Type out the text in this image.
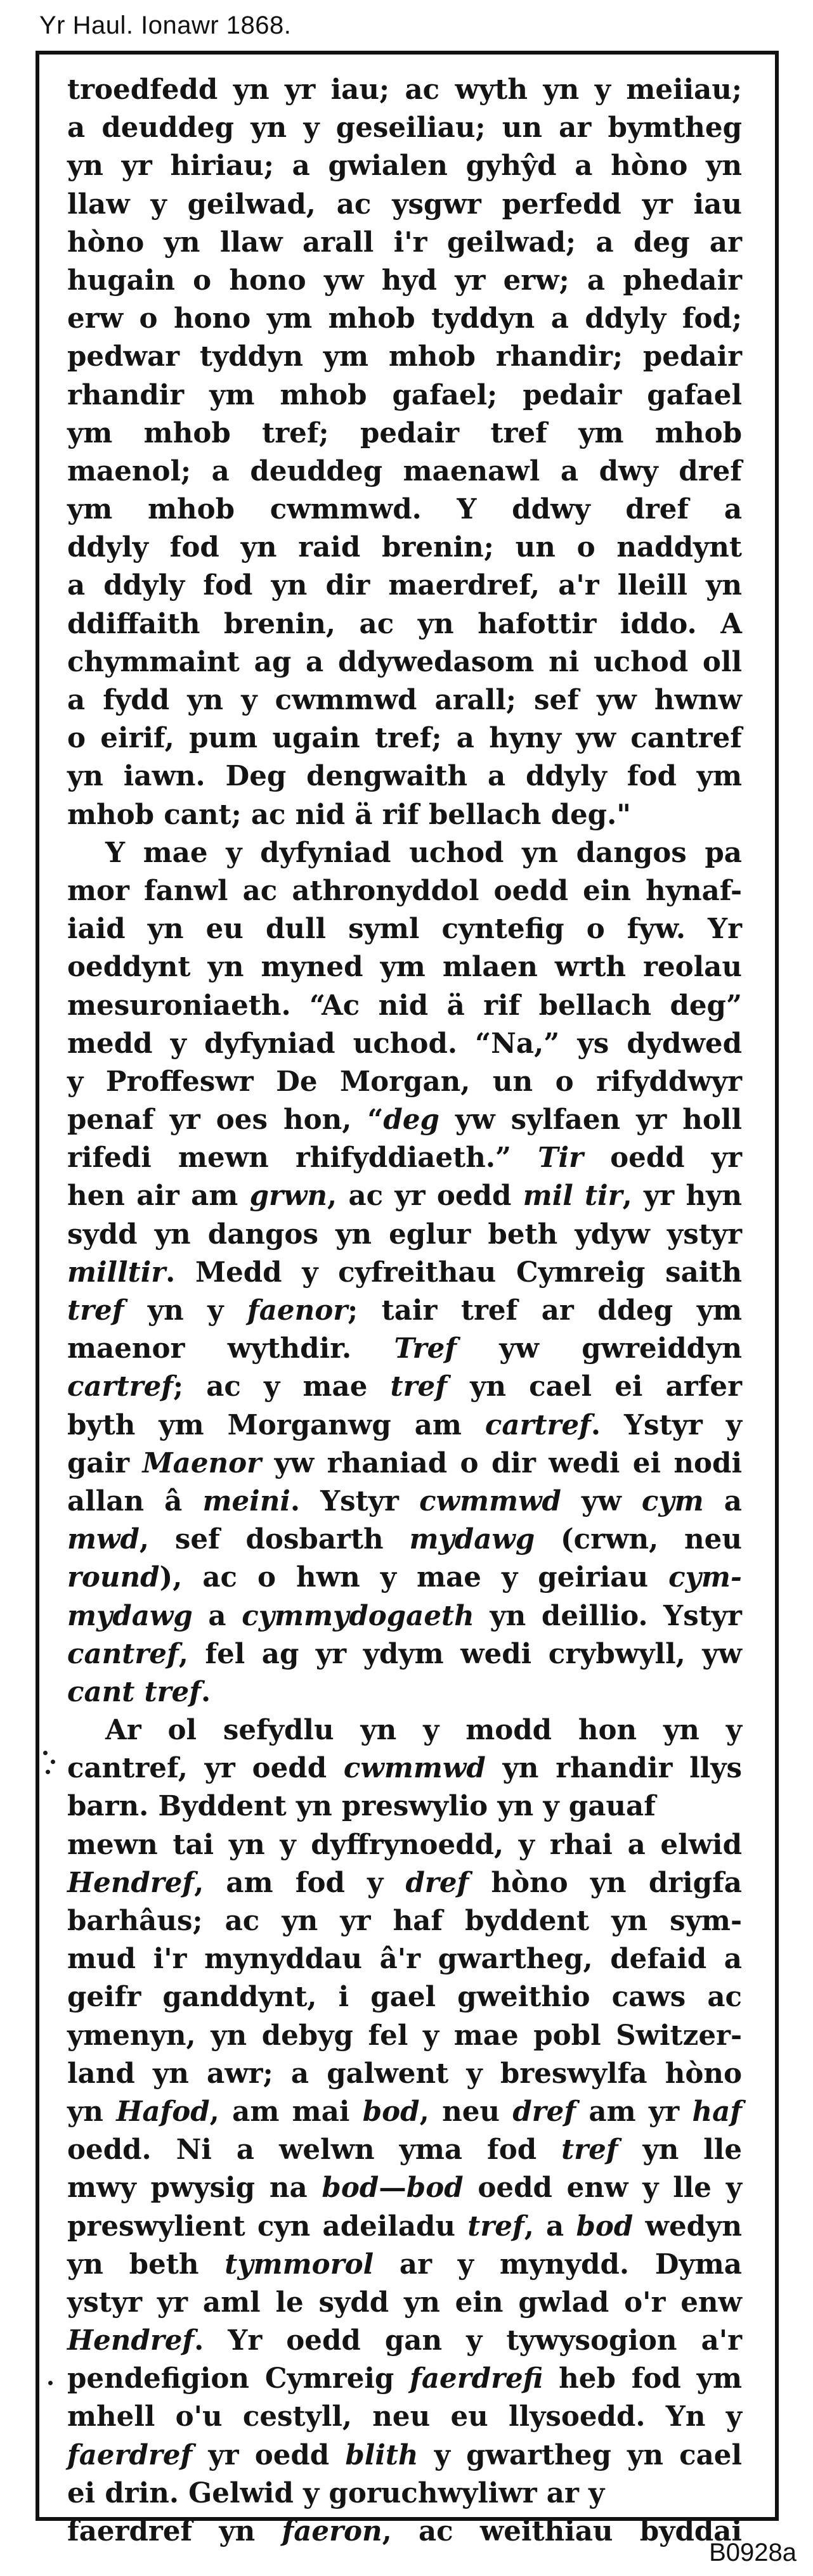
Yr Haul. Ionawr 1868.
troedfedd yn yr iau; ac wyth yn y meiiau;
a deuddeg yn y geseiliau; un ar bymtheg
yn yr hiriau; a gwialen gyhŷd a hòno yn
llaw y geilwad, ac ysgwr perfedd yr iau
hòno yn llaw arall i'r geilwad; a deg ar
hugain o hono yw hyd yr erw; a phedair
erw o hono ym mhob tyddyn a ddyly fod;
pedwar tyddyn ym mhob rhandir; pedair
rhandir ym mhob gafael; pedair gafael
ym mhob tref; pedair tref ym mhob
maenol; a deuddeg maenawl a dwy dref
ym mhob cwmmwd. Y ddwy dref a
ddyly fod yn raid brenin; un o naddynt
a ddyly fod yn dir maerdref, a'r lleill yn
ddiffaith brenin, ac yn hafottir iddo. A
chymmaint ag a ddywedasom ni uchod oll
a fydd yn y cwmmwd arall; sef yw hwnw
o eirif, pum ugain tref; a hyny yw cantref
yn iawn. Deg dengwaith a ddyly fod ym
mhob cant; ac nid ä rif bellach deg."
Y mae y dyfyniad uchod yn dangos pa
mor fanwl ac athronyddol oedd ein hynaf-
iaid yn eu dull syml cyntefig o fyw. Yr
oeddynt yn myned ym mlaen wrth reolau
mesuroniaeth. “Ac nid ä rif bellach deg”
medd y dyfyniad uchod. “Na,” ys dydwed
y Proffeswr De Morgan, un o rifyddwyr
penaf yr oes hon, “deg yw sylfaen yr holl
rifedi mewn rhifyddiaeth.” Tir oedd yr
hen air am grwn, ac yr oedd mil tir, yr hyn
sydd yn dangos yn eglur beth ydyw ystyr
milltir. Medd y cyfreithau Cymreig saith
tref yn y faenor; tair tref ar ddeg ym
maenor wythdir. Tref yw gwreiddyn
cartref; ac y mae tref yn cael ei arfer
byth ym Morganwg am cartref. Ystyr y
gair Maenor yw rhaniad o dir wedi ei nodi
allan â meini. Ystyr cwmmwd yw cym a
mwd, sef dosbarth mydawg (crwn, neu
round), ac o hwn y mae y geiriau cym-
mydawg a cymmydogaeth yn deillio. Ystyr
cantref, fel ag yr ydym wedi crybwyll, yw
cant tref.
Ar ol sefydlu yn y modd hon yn y
cantref, yr oedd cwmmwd yn rhandir llys
barn. Byddent yn preswylio yn y gauaf
mewn tai yn y dyffrynoedd, y rhai a elwid
Hendref, am fod y dref hòno yn drigfa
barhâus; ac yn yr haf byddent yn sym-
mud i'r mynyddau â'r gwartheg, defaid a
geifr ganddynt, i gael gweithio caws ac
ymenyn, yn debyg fel y mae pobl Switzer-
land yn awr; a galwent y breswylfa hòno
yn Hafod, am mai bod, neu dref am yr haf
oedd. Ni a welwn yma fod tref yn lle
mwy pwysig na bod—bod oedd enw y lle y
preswylient cyn adeiladu tref, a bod wedyn
yn beth tymmorol ar y mynydd. Dyma
ystyr yr aml le sydd yn ein gwlad o'r enw
Hendref. Yr oedd gan y tywysogion a'r
pendefigion Cymreig faerdrefi heb fod ym
mhell o'u cestyll, neu eu llysoedd. Yn y
faerdref yr oedd blith y gwartheg yn cael
ei drin. Gelwid y goruchwyliwr ar y
faerdref yn faeron, ac weithiau byddai
B0928a
